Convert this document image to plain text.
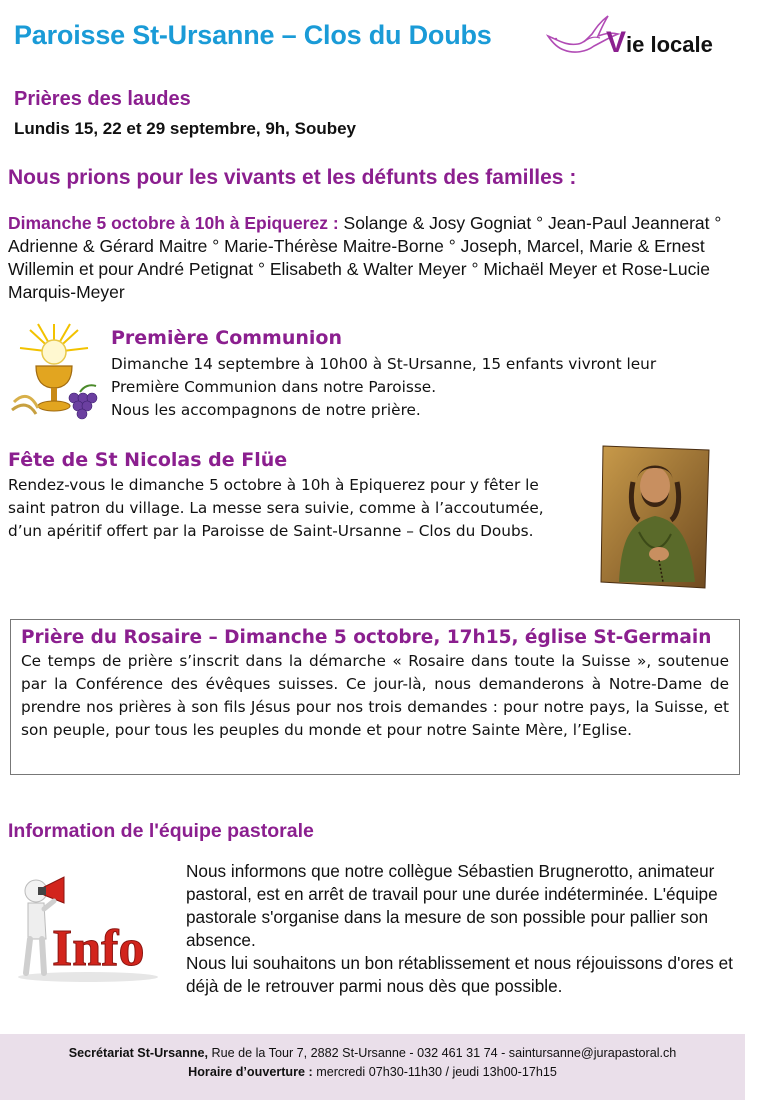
Paroisse St-Ursanne – Clos du Doubs	Vie locale
Prières des laudes
Lundis 15, 22 et 29 septembre, 9h, Soubey
Nous prions pour les vivants et les défunts des familles :
Dimanche 5 octobre à 10h à Epiquerez : Solange & Josy Gogniat ° Jean-Paul Jeannerat ° Adrienne & Gérard Maitre ° Marie-Thérèse Maitre-Borne ° Joseph, Marcel, Marie & Ernest Willemin et pour André Petignat ° Elisabeth & Walter Meyer ° Michaël Meyer et Rose-Lucie Marquis-Meyer
Première Communion
Dimanche 14 septembre à 10h00 à St-Ursanne, 15 enfants vivront leur
Première Communion dans notre Paroisse.
Nous les accompagnons de notre prière.
Fête de St Nicolas de Flüe
Rendez-vous le dimanche 5 octobre à 10h à Epiquerez pour y fêter le
saint patron du village. La messe sera suivie, comme à l’accoutumée,
d’un apéritif offert par la Paroisse de Saint-Ursanne – Clos du Doubs.
Prière du Rosaire – Dimanche 5 octobre, 17h15, église St-Germain
Ce temps de prière s’inscrit dans la démarche « Rosaire dans toute la Suisse », soutenue par la Conférence des évêques suisses. Ce jour-là, nous demanderons à Notre-Dame de prendre nos prières à son fils Jésus pour nos trois demandes : pour notre pays, la Suisse, et son peuple, pour tous les peuples du monde et pour notre Sainte Mère, l’Eglise.
Information de l'équipe pastorale
Info
Nous informons que notre collègue Sébastien Brugnerotto, animateur pastoral, est en arrêt de travail pour une durée indéterminée. L'équipe pastorale s'organise dans la mesure de son possible pour pallier son absence.
Nous lui souhaitons un bon rétablissement et nous réjouissons d'ores et déjà de le retrouver parmi nous dès que possible.
Secrétariat St-Ursanne, Rue de la Tour 7, 2882 St-Ursanne - 032 461 31 74 - saintursanne@jurapastoral.ch
Horaire d’ouverture : mercredi 07h30-11h30 / jeudi 13h00-17h15
